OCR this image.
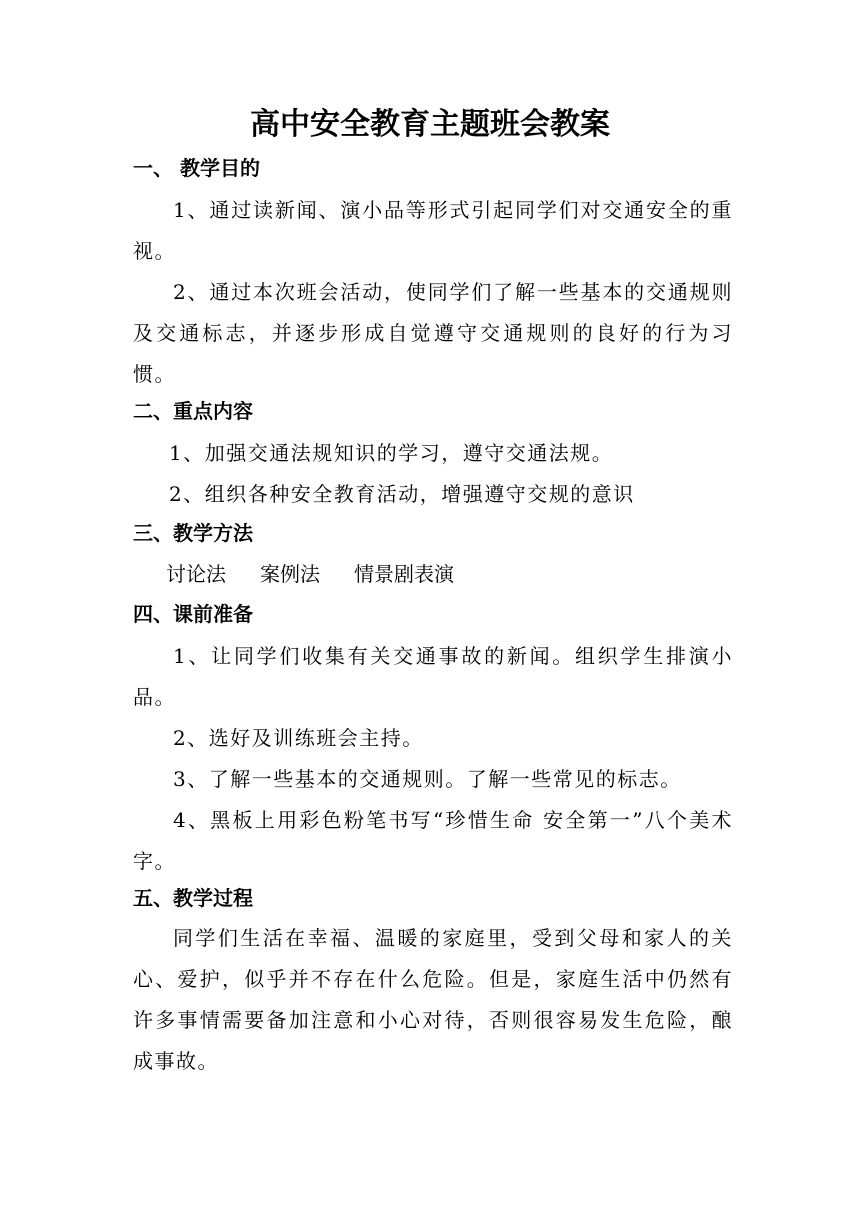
高中安全教育主题班会教案
一、 教学目的
1、通过读新闻、演小品等形式引起同学们对交通安全的重视。
2、通过本次班会活动，使同学们了解一些基本的交通规则及交通标志，并逐步形成自觉遵守交通规则的良好的行为习惯。
二、重点内容
1、加强交通法规知识的学习，遵守交通法规。
2、组织各种安全教育活动，增强遵守交规的意识
三、教学方法
讨论法 案例法 情景剧表演
四、课前准备
1、让同学们收集有关交通事故的新闻。组织学生排演小品。
2、选好及训练班会主持。
3、了解一些基本的交通规则。了解一些常见的标志。
4、黑板上用彩色粉笔书写“珍惜生命 安全第一”八个美术 字。
五、教学过程
同学们生活在幸福、温暖的家庭里，受到父母和家人的关心、爱护，似乎并不存在什么危险。但是，家庭生活中仍然有许多事情需要备加注意和小心对待，否则很容易发生危险，酿成事故。
